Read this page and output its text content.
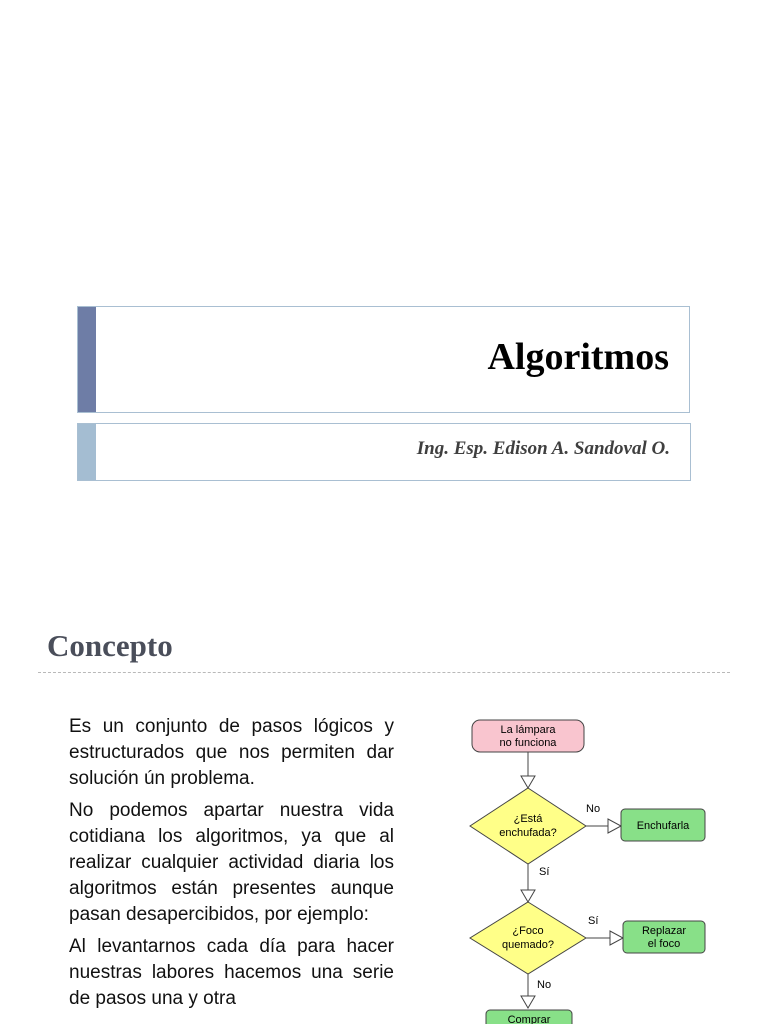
Algoritmos
Ing. Esp. Edison A. Sandoval O.
Concepto

Es un conjunto de pasos lógicos y estructurados que nos permiten dar solución ún problema.

No podemos apartar nuestra vida cotidiana los algoritmos, ya que al realizar cualquier actividad diaria los algoritmos están presentes aunque pasan desapercibidos, por ejemplo:

Al levantarnos cada día para hacer nuestras labores hacemos una serie de pasos una y otra

La lámpara
no funciona
¿Está
enchufada?
No
Enchufarla
Sí
¿Foco
quemado?
Sí
Replazar
el foco
No
Comprar
